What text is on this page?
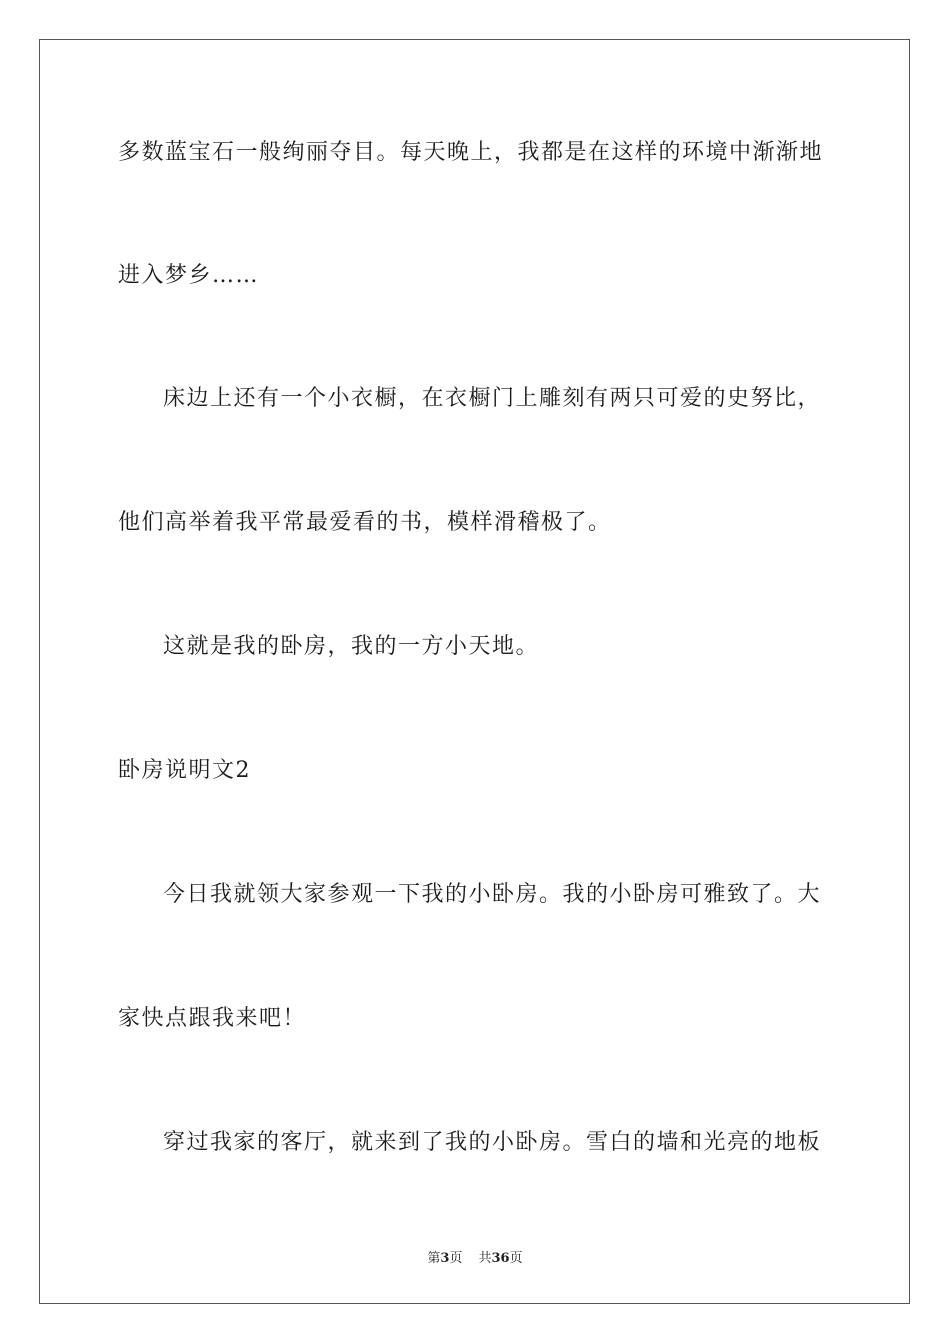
多数蓝宝石一般绚丽夺目。每天晚上，我都是在这样的环境中渐渐地
进入梦乡……
床边上还有一个小衣橱，在衣橱门上雕刻有两只可爱的史努比，
他们高举着我平常最爱看的书，模样滑稽极了。
这就是我的卧房，我的一方小天地。
卧房说明文2
今日我就领大家参观一下我的小卧房。我的小卧房可雅致了。大
家快点跟我来吧！
穿过我家的客厅，就来到了我的小卧房。雪白的墙和光亮的地板
第3页 共36页
